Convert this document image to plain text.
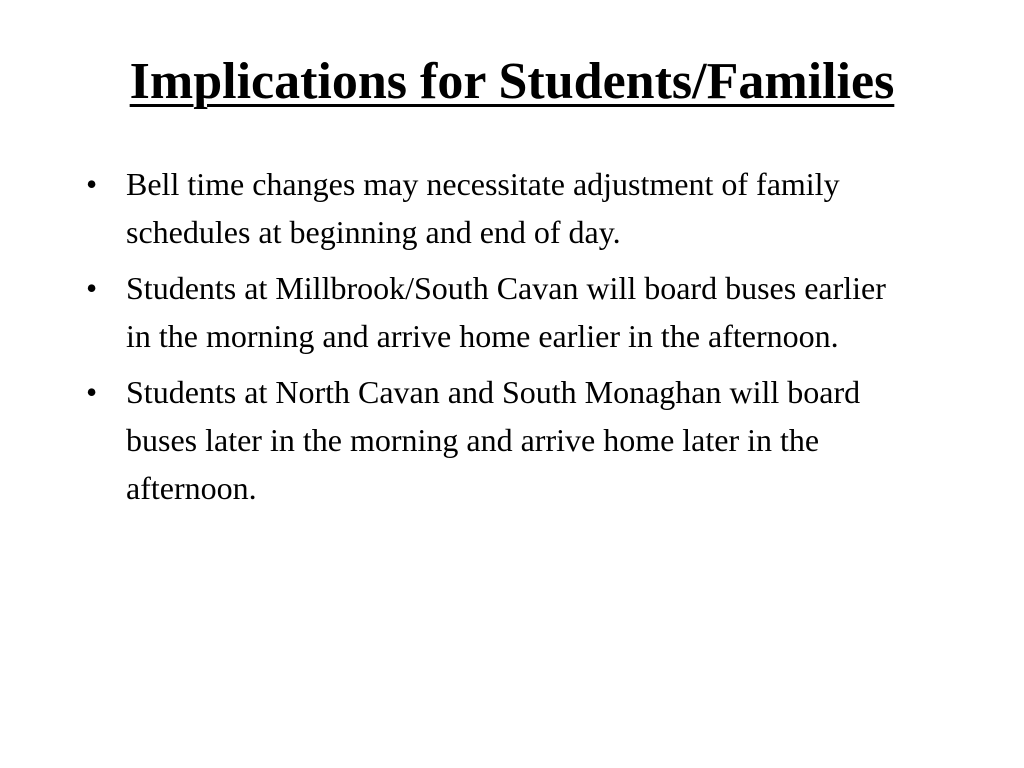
Implications for Students/Families
• Bell time changes may necessitate adjustment of family schedules at beginning and end of day.
• Students at Millbrook/South Cavan will board buses earlier in the morning and arrive home earlier in the afternoon.
• Students at North Cavan and South Monaghan will board buses later in the morning and arrive home later in the afternoon.
